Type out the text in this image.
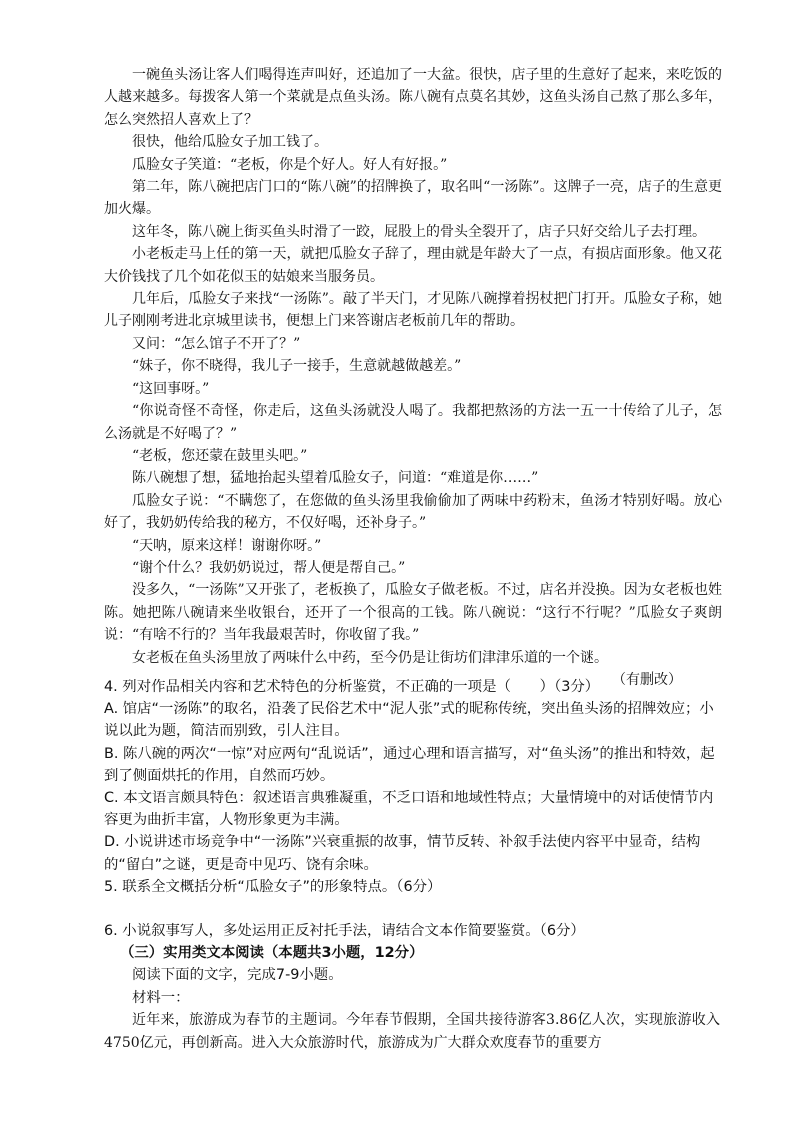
一碗鱼头汤让客人们喝得连声叫好，还追加了一大盆。很快，店子里的生意好了起来，来吃饭的人越来越多。每拨客人第一个菜就是点鱼头汤。陈八碗有点莫名其妙，这鱼头汤自己熬了那么多年，怎么突然招人喜欢上了？

很快，他给瓜脸女子加工钱了。

瓜脸女子笑道：“老板，你是个好人。好人有好报。”

第二年，陈八碗把店门口的“陈八碗”的招牌换了，取名叫“一汤陈”。这牌子一亮，店子的生意更加火爆。

这年冬，陈八碗上街买鱼头时滑了一跤，屁股上的骨头全裂开了，店子只好交给儿子去打理。

小老板走马上任的第一天，就把瓜脸女子辞了，理由就是年龄大了一点，有损店面形象。他又花大价钱找了几个如花似玉的姑娘来当服务员。

几年后，瓜脸女子来找“一汤陈”。敲了半天门，才见陈八碗撑着拐杖把门打开。瓜脸女子称，她儿子刚刚考进北京城里读书，便想上门来答谢店老板前几年的帮助。

又问：“怎么馆子不开了？”

“妹子，你不晓得，我儿子一接手，生意就越做越差。”

“这回事呀。”

“你说奇怪不奇怪，你走后，这鱼头汤就没人喝了。我都把熬汤的方法一五一十传给了儿子，怎么汤就是不好喝了？”

“老板，您还蒙在鼓里头吧。”

陈八碗想了想，猛地抬起头望着瓜脸女子，问道：“难道是你……”

瓜脸女子说：“不瞒您了，在您做的鱼头汤里我偷偷加了两味中药粉末，鱼汤才特别好喝。放心好了，我奶奶传给我的秘方，不仅好喝，还补身子。”

“天呐，原来这样！谢谢你呀。”

“谢个什么？我奶奶说过，帮人便是帮自己。”

没多久，“一汤陈”又开张了，老板换了，瓜脸女子做老板。不过，店名并没换。因为女老板也姓陈。她把陈八碗请来坐收银台，还开了一个很高的工钱。陈八碗说：“这行不行呢？”瓜脸女子爽朗说：“有啥不行的？当年我最艰苦时，你收留了我。”

女老板在鱼头汤里放了两味什么中药，至今仍是让街坊们津津乐道的一个谜。

（有删改）

4. 列对作品相关内容和艺术特色的分析鉴赏，不正确的一项是（　　）（3分）

A. 馆店“一汤陈”的取名，沿袭了民俗艺术中“泥人张”式的昵称传统，突出鱼头汤的招牌效应；小说以此为题，简洁而别致，引人注目。

B. 陈八碗的两次“一惊”对应两句“乱说话”，通过心理和语言描写，对“鱼头汤”的推出和特效，起到了侧面烘托的作用，自然而巧妙。

C. 本文语言颇具特色：叙述语言典雅凝重，不乏口语和地域性特点；大量情境中的对话使情节内容更为曲折丰富，人物形象更为丰满。

D. 小说讲述市场竞争中“一汤陈”兴衰重振的故事，情节反转、补叙手法使内容平中显奇，结构的“留白”之谜，更是奇中见巧、饶有余味。

5. 联系全文概括分析“瓜脸女子”的形象特点。（6分）

6. 小说叙事写人，多处运用正反衬托手法，请结合文本作简要鉴赏。（6分）

（三）实用类文本阅读（本题共3小题，12分）

阅读下面的文字，完成7-9小题。

材料一：

近年来，旅游成为春节的主题词。今年春节假期，全国共接待游客3.86亿人次，实现旅游收入4750亿元，再创新高。进入大众旅游时代，旅游成为广大群众欢度春节的重要方
